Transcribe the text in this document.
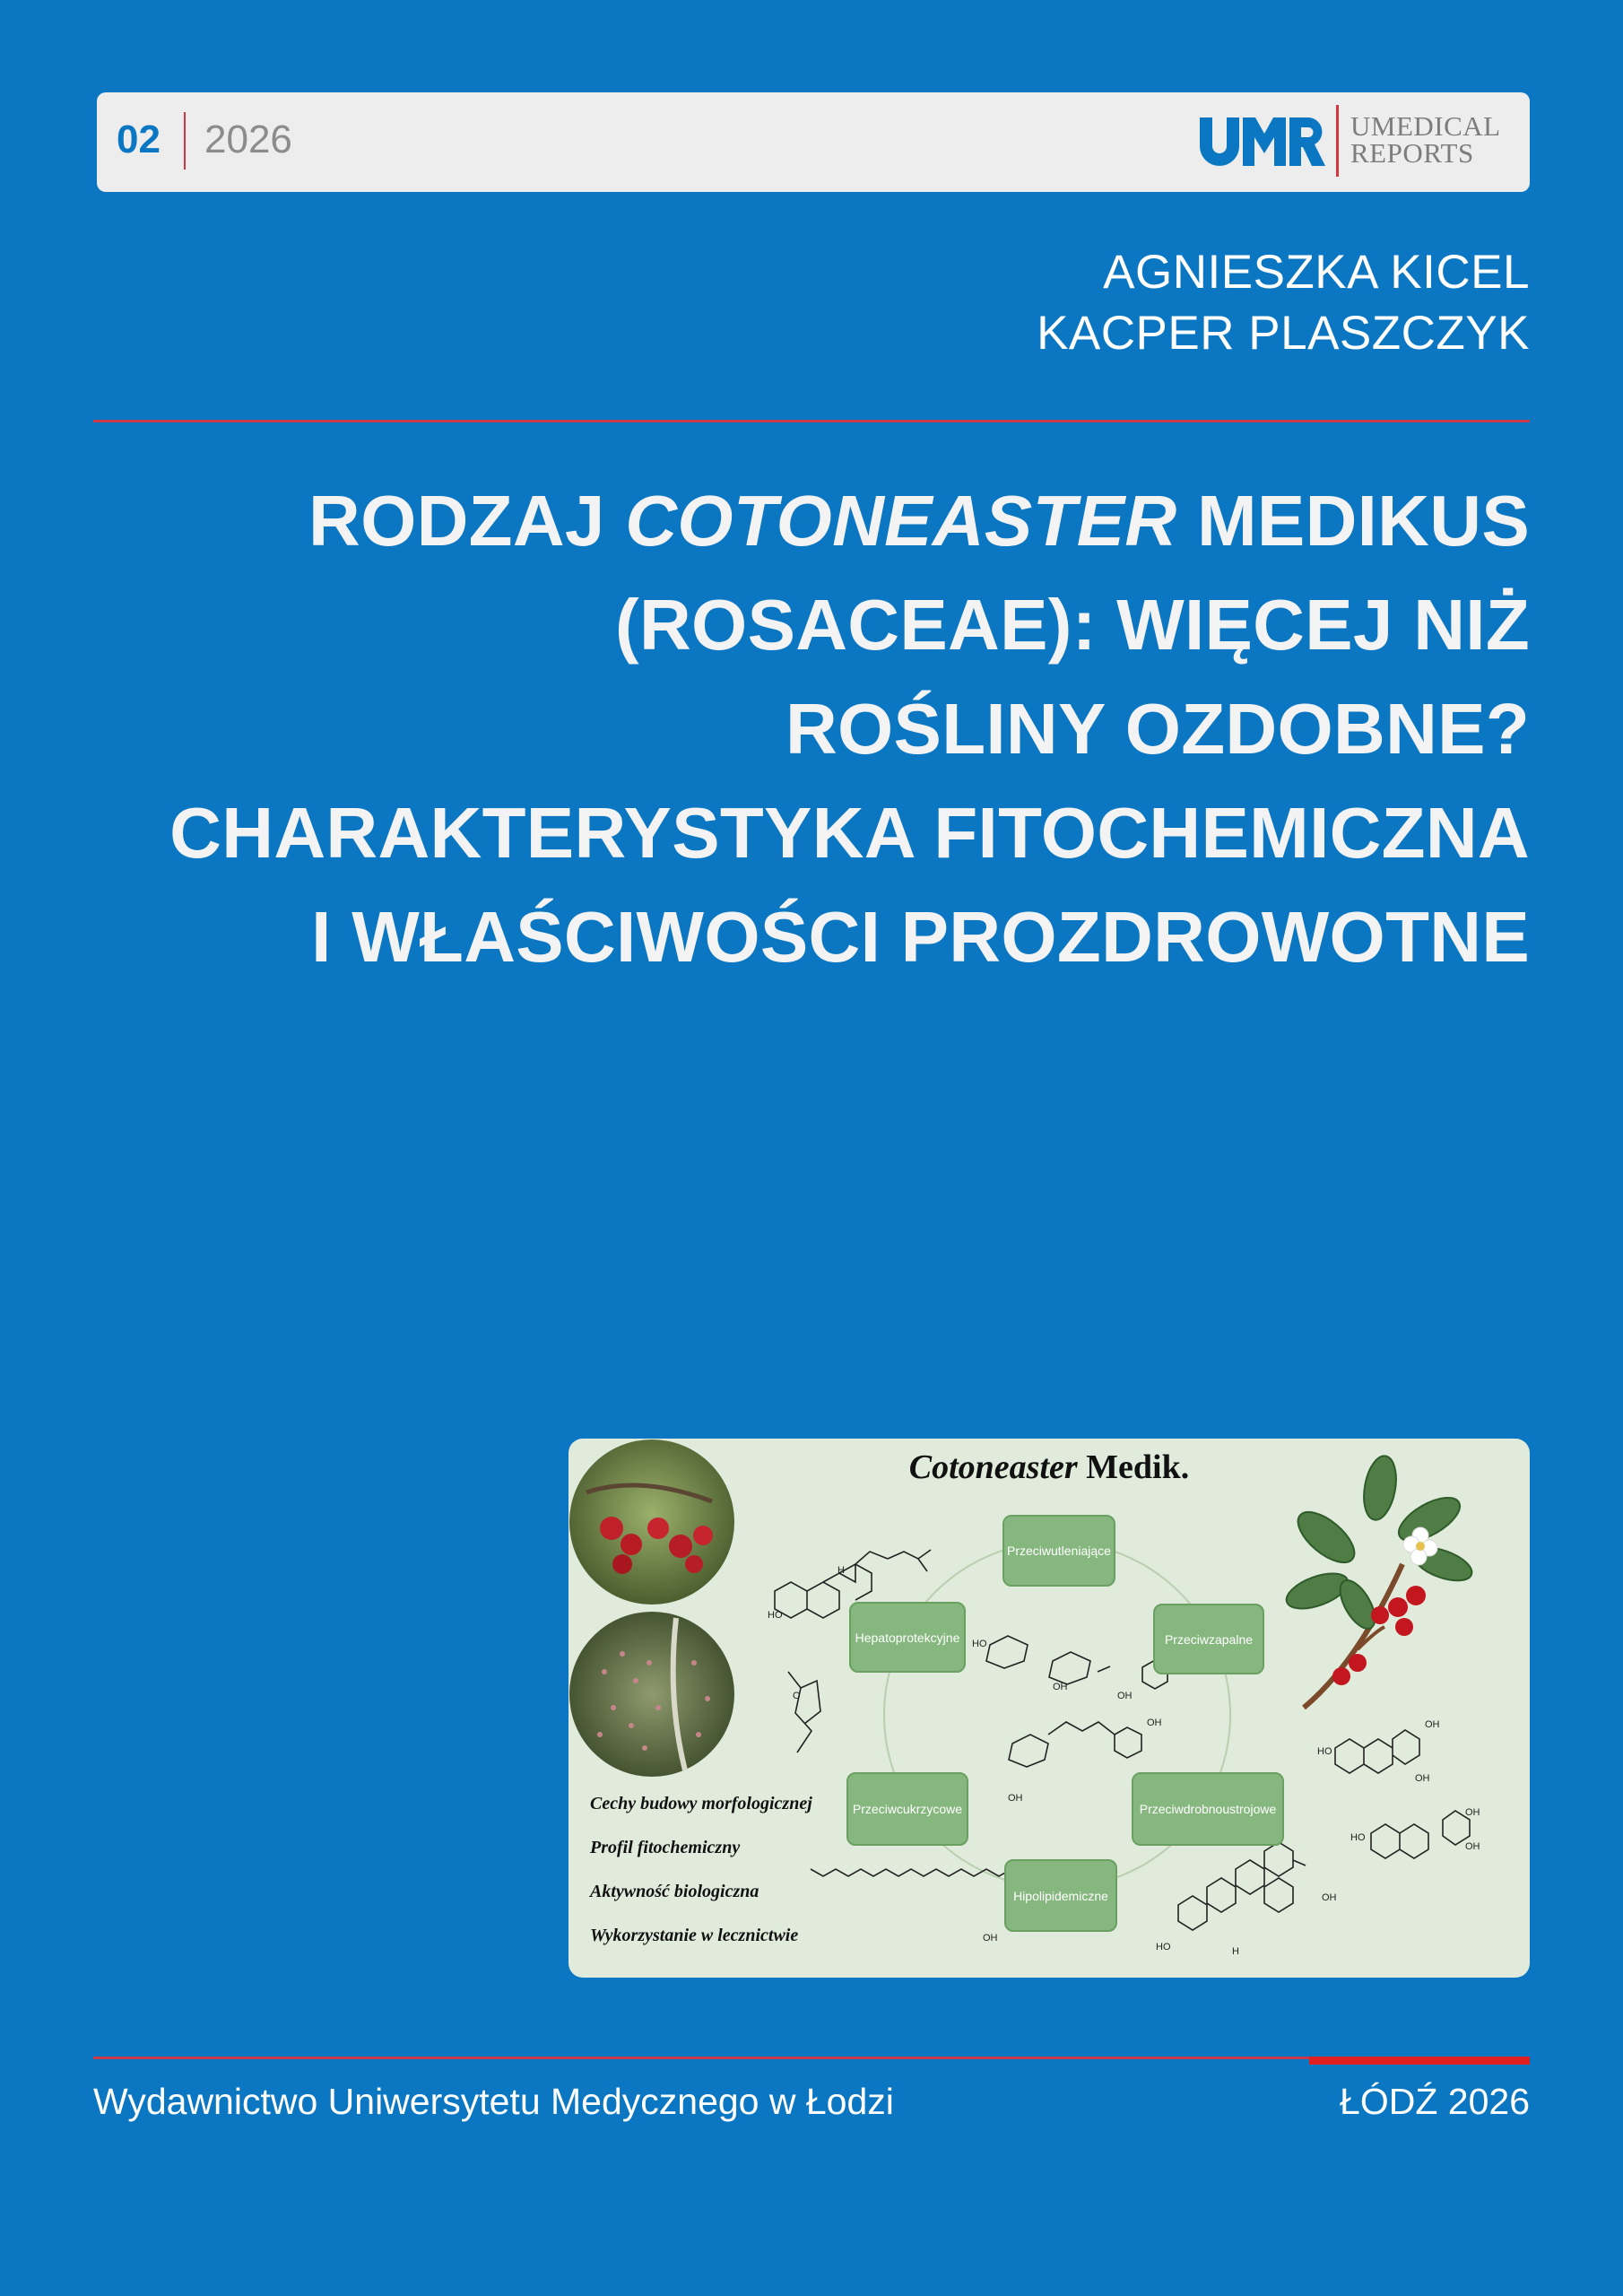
02 2026	UMEDICAL
REPORTS
AGNIESZKA KICEL
KACPER PLASZCZYK
RODZAJ COTONEASTER MEDIKUS
(ROSACEAE): WIĘCEJ NIŻ
ROŚLINY OZDOBNE?
CHARAKTERYSTYKA FITOCHEMICZNA
I WŁAŚCIWOŚCI PROZDROWOTNE
HO
HO
OH
OH
OH
OH
OH
HO
OH
OH
HO
OH
OH
HO
OH
H
H
O
Cotoneaster Medik.
Przeciwutleniające
Hepatoprotekcyjne	Przeciwzapalne
Przeciwcukrzycowe	Przeciwdrobnoustrojowe
Hipolipidemiczne
Cechy budowy morfologicznej
Profil fitochemiczny
Aktywność biologiczna
Wykorzystanie w lecznictwie
Wydawnictwo Uniwersytetu Medycznego w Łodzi	ŁÓDŹ 2026
